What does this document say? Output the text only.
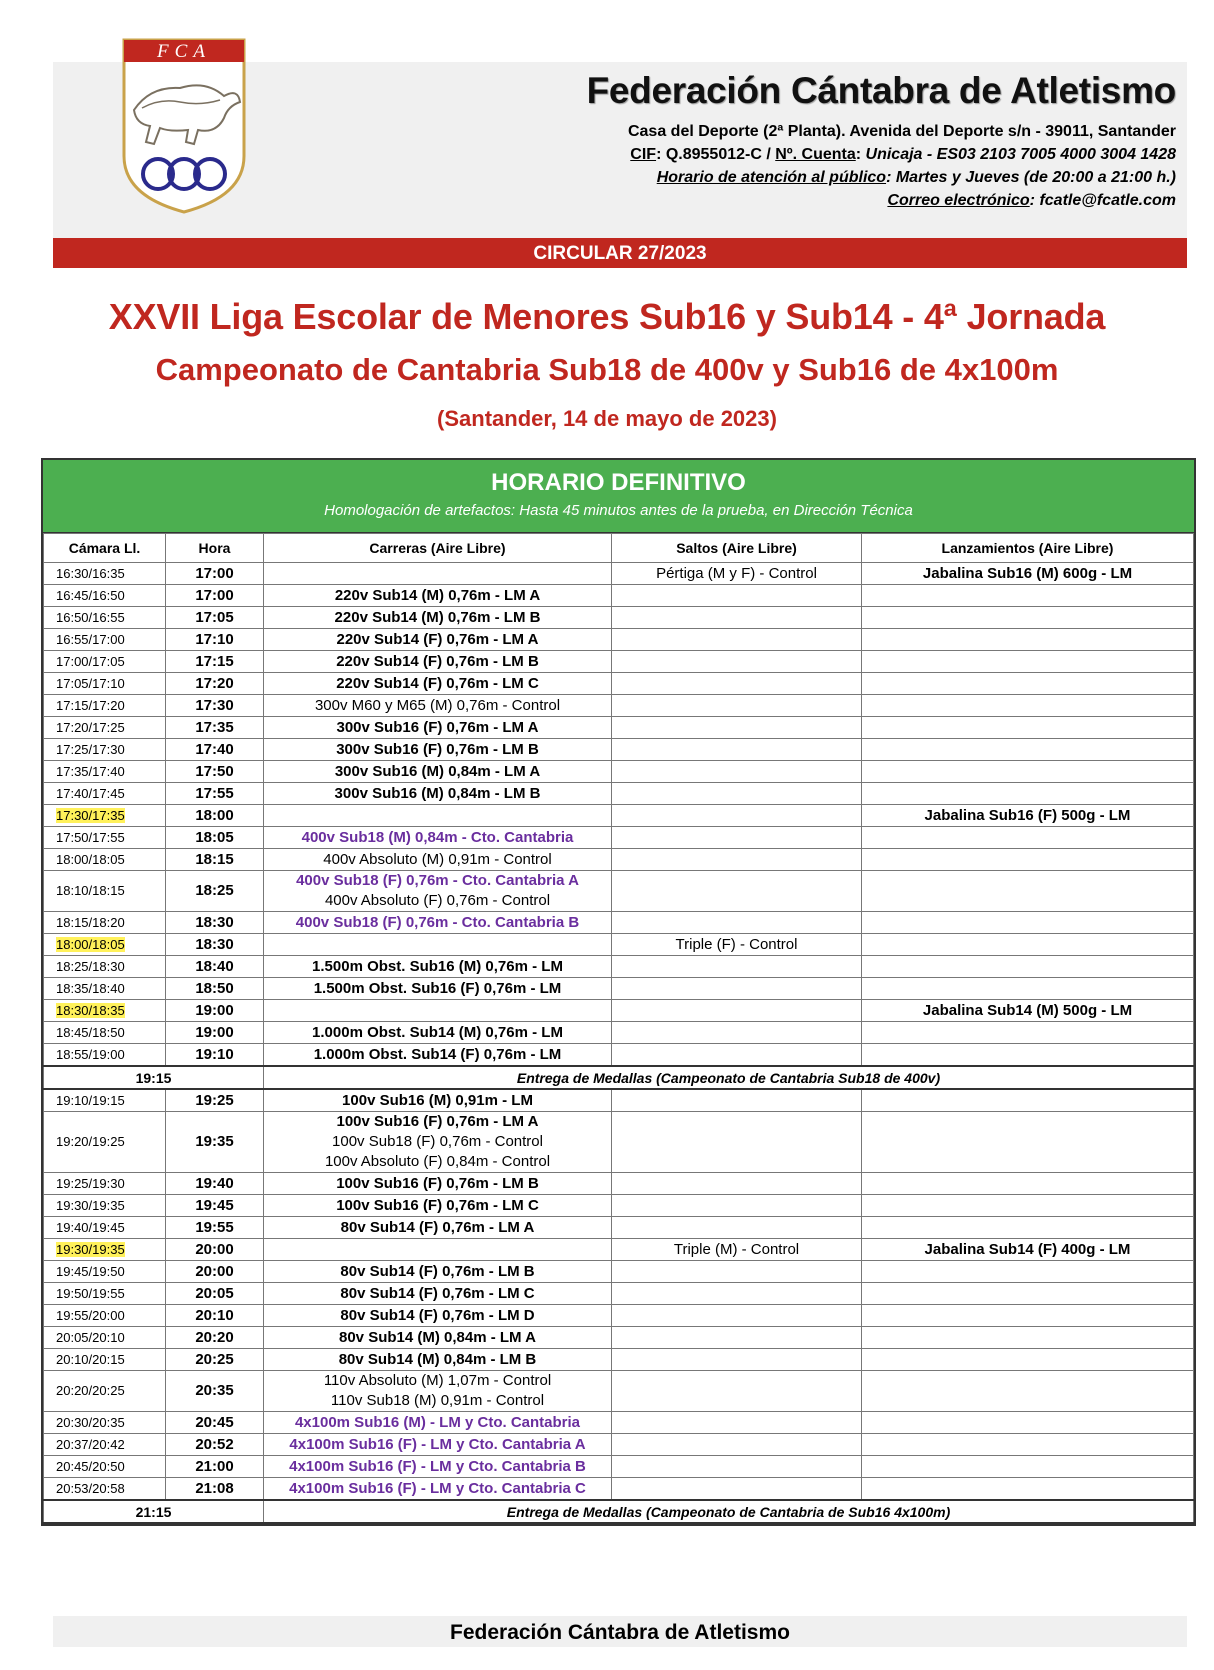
FCA
Federación Cántabra de Atletismo
Casa del Deporte (2ª Planta). Avenida del Deporte s/n - 39011, Santander
CIF: Q.8955012-C / Nº. Cuenta: Unicaja - ES03 2103 7005 4000 3004 1428
Horario de atención al público: Martes y Jueves (de 20:00 a 21:00 h.)
Correo electrónico: fcatle@fcatle.com
CIRCULAR 27/2023
XXVII Liga Escolar de Menores Sub16 y Sub14 - 4ª Jornada
Campeonato de Cantabria Sub18 de 400v y Sub16 de 4x100m
(Santander, 14 de mayo de 2023)
HORARIO DEFINITIVO
Homologación de artefactos: Hasta 45 minutos antes de la prueba, en Dirección Técnica
Cámara Ll.	Hora	Carreras (Aire Libre)	Saltos (Aire Libre)	Lanzamientos (Aire Libre)
16:30/16:35	17:00		Pértiga (M y F) - Control	Jabalina Sub16 (M) 600g - LM
16:45/16:50	17:00	220v Sub14 (M) 0,76m - LM A		

16:50/16:55	17:05	220v Sub14 (M) 0,76m - LM B		

16:55/17:00	17:10	220v Sub14 (F) 0,76m - LM A		

17:00/17:05	17:15	220v Sub14 (F) 0,76m - LM B		

17:05/17:10	17:20	220v Sub14 (F) 0,76m - LM C		

17:15/17:20	17:30	300v M60 y M65 (M) 0,76m - Control		

17:20/17:25	17:35	300v Sub16 (F) 0,76m - LM A		

17:25/17:30	17:40	300v Sub16 (F) 0,76m - LM B		

17:35/17:40	17:50	300v Sub16 (M) 0,84m - LM A		

17:40/17:45	17:55	300v Sub16 (M) 0,84m - LM B		

17:30/17:35	18:00			Jabalina Sub16 (F) 500g - LM
17:50/17:55	18:05	400v Sub18 (M) 0,84m - Cto. Cantabria		

18:00/18:05	18:15	400v Absoluto (M) 0,91m - Control		

18:10/18:15	18:25	400v Sub18 (F) 0,76m - Cto. Cantabria A
400v Absoluto (F) 0,76m - Control		

18:15/18:20	18:30	400v Sub18 (F) 0,76m - Cto. Cantabria B		

18:00/18:05	18:30		Triple (F) - Control	
18:25/18:30	18:40	1.500m Obst. Sub16 (M) 0,76m - LM		

18:35/18:40	18:50	1.500m Obst. Sub16 (F) 0,76m - LM		

18:30/18:35	19:00			Jabalina Sub14 (M) 500g - LM
18:45/18:50	19:00	1.000m Obst. Sub14 (M) 0,76m - LM		

18:55/19:00	19:10	1.000m Obst. Sub14 (F) 0,76m - LM		

19:15		Entrega de Medallas (Campeonato de Cantabria Sub18 de 400v)		
19:10/19:15	19:25	100v Sub16 (M) 0,91m - LM		

19:20/19:25	19:35	100v Sub16 (F) 0,76m - LM A
100v Sub18 (F) 0,76m - Control
100v Absoluto (F) 0,84m - Control		

19:25/19:30	19:40	100v Sub16 (F) 0,76m - LM B		

19:30/19:35	19:45	100v Sub16 (F) 0,76m - LM C		

19:40/19:45	19:55	80v Sub14 (F) 0,76m - LM A		

19:30/19:35	20:00		Triple (M) - Control	Jabalina Sub14 (F) 400g - LM
19:45/19:50	20:00	80v Sub14 (F) 0,76m - LM B		

19:50/19:55	20:05	80v Sub14 (F) 0,76m - LM C		

19:55/20:00	20:10	80v Sub14 (F) 0,76m - LM D		

20:05/20:10	20:20	80v Sub14 (M) 0,84m - LM A		

20:10/20:15	20:25	80v Sub14 (M) 0,84m - LM B		

20:20/20:25	20:35	110v Absoluto (M) 1,07m - Control
110v Sub18 (M) 0,91m - Control		

20:30/20:35	20:45	4x100m Sub16 (M) - LM y Cto. Cantabria		

20:37/20:42	20:52	4x100m Sub16 (F) - LM y Cto. Cantabria A		

20:45/20:50	21:00	4x100m Sub16 (F) - LM y Cto. Cantabria B		

20:53/20:58	21:08	4x100m Sub16 (F) - LM y Cto. Cantabria C		

21:15		Entrega de Medallas (Campeonato de Cantabria de Sub16 4x100m)		
Federación Cántabra de Atletismo
